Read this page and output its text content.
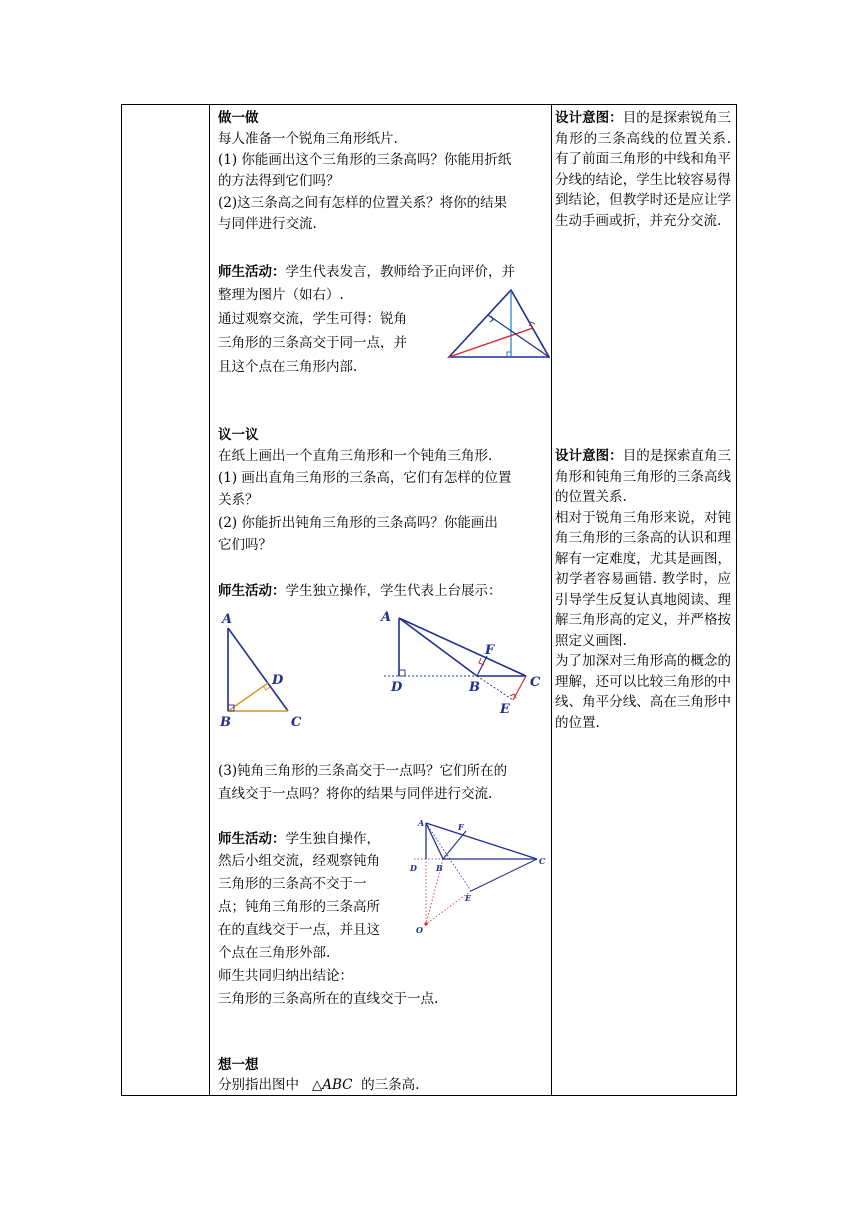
做一做
每人准备一个锐角三角形纸片.
(1) 你能画出这个三角形的三条高吗？你能用折纸
的方法得到它们吗？
(2)这三条高之间有怎样的位置关系？将你的结果
与同伴进行交流.
师生活动：学生代表发言，教师给予正向评价，并
整理为图片（如右）.
通过观察交流，学生可得：锐角
三角形的三条高交于同一点，并
且这个点在三角形内部.
议一议
在纸上画出一个直角三角形和一个钝角三角形.
(1) 画出直角三角形的三条高，它们有怎样的位置
关系？
(2) 你能折出钝角三角形的三条高吗？你能画出
它们吗？
师生活动：学生独立操作，学生代表上台展示：
A
B	C
D
A
B	C
D
E
F
(3)钝角三角形的三条高交于一点吗？它们所在的
直线交于一点吗？将你的结果与同伴进行交流.
师生活动：学生独自操作，
然后小组交流，经观察钝角
三角形的三条高不交于一
点；钝角三角形的三条高所
在的直线交于一点，并且这
个点在三角形外部.
师生共同归纳出结论：
三角形的三条高所在的直线交于一点.
A
B
C
D
E
F
O
想一想
分别指出图中 △ABC 的三条高.
设计意图：目的是探索锐角三角形的三条高线的位置关系.有了前面三角形的中线和角平分线的结论，学生比较容易得到结论，但教学时还是应让学生动手画或折，并充分交流.
设计意图：目的是探索直角三角形和钝角三角形的三条高线的位置关系.
相对于锐角三角形来说，对钝角三角形的三条高的认识和理解有一定难度，尤其是画图，初学者容易画错. 教学时，应引导学生反复认真地阅读、理解三角形高的定义，并严格按照定义画图.
为了加深对三角形高的概念的理解，还可以比较三角形的中线、角平分线、高在三角形中的位置.
